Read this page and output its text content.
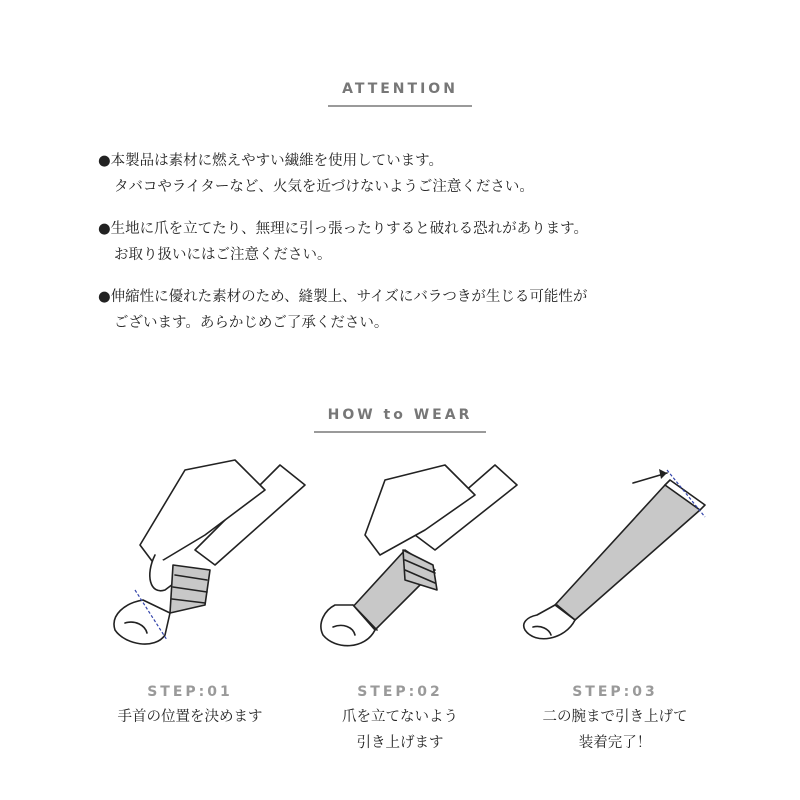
ATTENTION
●本製品は素材に燃えやすい繊維を使用しています。
タバコやライターなど、火気を近づけないようご注意ください。
●生地に爪を立てたり、無理に引っ張ったりすると破れる恐れがあります。
お取り扱いにはご注意ください。
●伸縮性に優れた素材のため、縫製上、サイズにバラつきが生じる可能性が
ございます。あらかじめご了承ください。
HOW to WEAR
STEP:01
手首の位置を決めます
STEP:02
爪を立てないよう
引き上げます
STEP:03
二の腕まで引き上げて
装着完了！
